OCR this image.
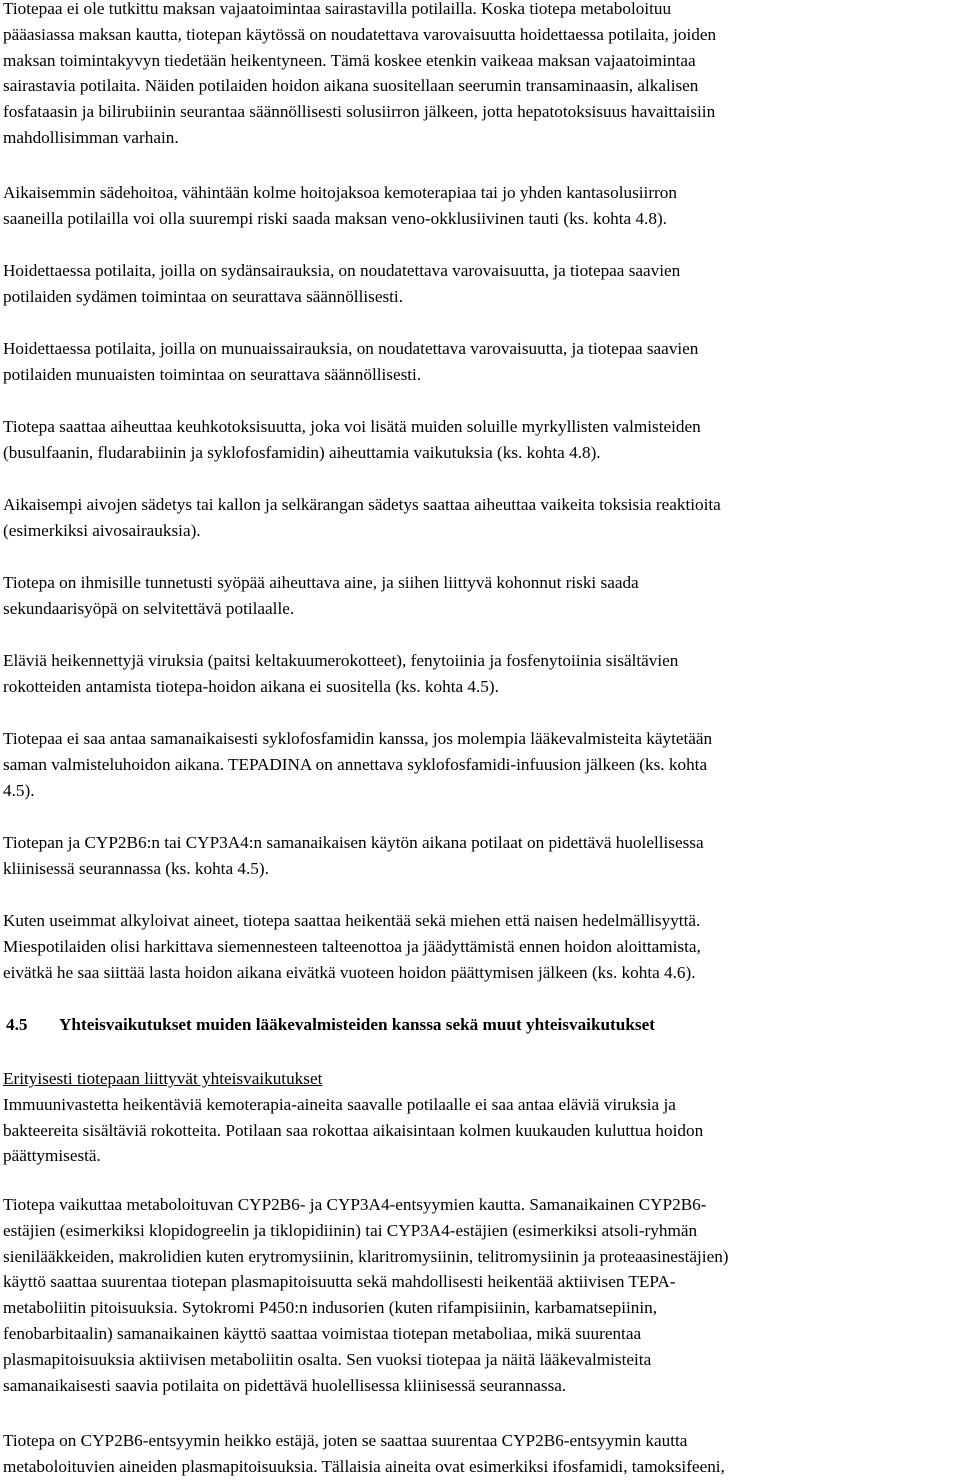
Tiotepaa ei ole tutkittu maksan vajaatoimintaa sairastavilla potilailla. Koska tiotepa metaboloituu
pääasiassa maksan kautta, tiotepan käytössä on noudatettava varovaisuutta hoidettaessa potilaita, joiden
maksan toimintakyvyn tiedetään heikentyneen. Tämä koskee etenkin vaikeaa maksan vajaatoimintaa
sairastavia potilaita. Näiden potilaiden hoidon aikana suositellaan seerumin transaminaasin, alkalisen
fosfataasin ja bilirubiinin seurantaa säännöllisesti solusiirron jälkeen, jotta hepatotoksisuus havaittaisiin
mahdollisimman varhain.

Aikaisemmin sädehoitoa, vähintään kolme hoitojaksoa kemoterapiaa tai jo yhden kantasolusiirron
saaneilla potilailla voi olla suurempi riski saada maksan veno-okklusiivinen tauti (ks. kohta 4.8).

Hoidettaessa potilaita, joilla on sydänsairauksia, on noudatettava varovaisuutta, ja tiotepaa saavien
potilaiden sydämen toimintaa on seurattava säännöllisesti.

Hoidettaessa potilaita, joilla on munuaissairauksia, on noudatettava varovaisuutta, ja tiotepaa saavien
potilaiden munuaisten toimintaa on seurattava säännöllisesti.

Tiotepa saattaa aiheuttaa keuhkotoksisuutta, joka voi lisätä muiden soluille myrkyllisten valmisteiden
(busulfaanin, fludarabiinin ja syklofosfamidin) aiheuttamia vaikutuksia (ks. kohta 4.8).

Aikaisempi aivojen sädetys tai kallon ja selkärangan sädetys saattaa aiheuttaa vaikeita toksisia reaktioita
(esimerkiksi aivosairauksia).

Tiotepa on ihmisille tunnetusti syöpää aiheuttava aine, ja siihen liittyvä kohonnut riski saada
sekundaarisyöpä on selvitettävä potilaalle.

Eläviä heikennettyjä viruksia (paitsi keltakuumerokotteet), fenytoiinia ja fosfenytoiinia sisältävien
rokotteiden antamista tiotepa-hoidon aikana ei suositella (ks. kohta 4.5).

Tiotepaa ei saa antaa samanaikaisesti syklofosfamidin kanssa, jos molempia lääkevalmisteita käytetään
saman valmisteluhoidon aikana. TEPADINA on annettava syklofosfamidi-infuusion jälkeen (ks. kohta
4.5).

Tiotepan ja CYP2B6:n tai CYP3A4:n samanaikaisen käytön aikana potilaat on pidettävä huolellisessa
kliinisessä seurannassa (ks. kohta 4.5).

Kuten useimmat alkyloivat aineet, tiotepa saattaa heikentää sekä miehen että naisen hedelmällisyyttä.
Miespotilaiden olisi harkittava siemennesteen talteenottoa ja jäädyttämistä ennen hoidon aloittamista,
eivätkä he saa siittää lasta hoidon aikana eivätkä vuoteen hoidon päättymisen jälkeen (ks. kohta 4.6).

4.5 Yhteisvaikutukset muiden lääkevalmisteiden kanssa sekä muut yhteisvaikutukset
Erityisesti tiotepaan liittyvät yhteisvaikutukset

Immuunivastetta heikentäviä kemoterapia-aineita saavalle potilaalle ei saa antaa eläviä viruksia ja
bakteereita sisältäviä rokotteita. Potilaan saa rokottaa aikaisintaan kolmen kuukauden kuluttua hoidon
päättymisestä.

Tiotepa vaikuttaa metaboloituvan CYP2B6- ja CYP3A4-entsyymien kautta. Samanaikainen CYP2B6-
estäjien (esimerkiksi klopidogreelin ja tiklopidiinin) tai CYP3A4-estäjien (esimerkiksi atsoli-ryhmän
sienilääkkeiden, makrolidien kuten erytromysiinin, klaritromysiinin, telitromysiinin ja proteaasinestäjien)
käyttö saattaa suurentaa tiotepan plasmapitoisuutta sekä mahdollisesti heikentää aktiivisen TEPA-
metaboliitin pitoisuuksia. Sytokromi P450:n indusorien (kuten rifampisiinin, karbamatsepiinin,
fenobarbitaalin) samanaikainen käyttö saattaa voimistaa tiotepan metaboliaa, mikä suurentaa
plasmapitoisuuksia aktiivisen metaboliitin osalta. Sen vuoksi tiotepaa ja näitä lääkevalmisteita
samanaikaisesti saavia potilaita on pidettävä huolellisessa kliinisessä seurannassa.

Tiotepa on CYP2B6-entsyymin heikko estäjä, joten se saattaa suurentaa CYP2B6-entsyymin kautta
metaboloituvien aineiden plasmapitoisuuksia. Tällaisia aineita ovat esimerkiksi ifosfamidi, tamoksifeeni,
